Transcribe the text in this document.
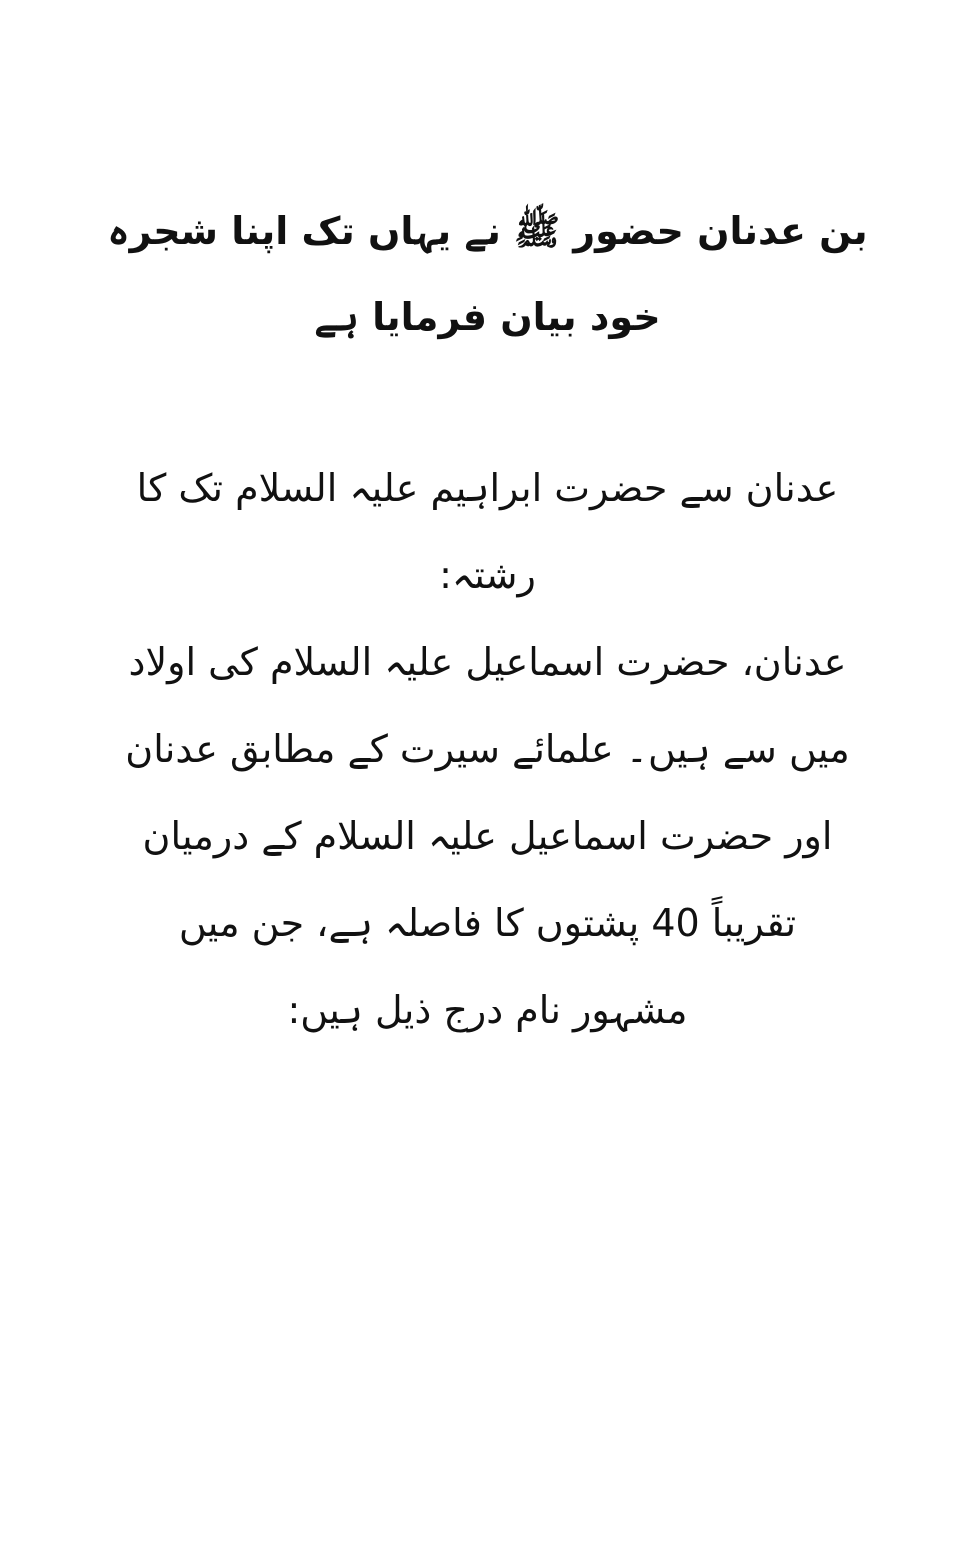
بن عدنان حضور ﷺ نے یہاں تک اپنا شجرہ
خود بیان فرمایا ہے

عدنان سے حضرت ابراہیم علیہ السلام تک کا
رشتہ:
عدنان، حضرت اسماعیل علیہ السلام کی اولاد
میں سے ہیں۔ علمائے سیرت کے مطابق عدنان
اور حضرت اسماعیل علیہ السلام کے درمیان
تقریباً 40 پشتوں کا فاصلہ ہے، جن میں
مشہور نام درج ذیل ہیں:
